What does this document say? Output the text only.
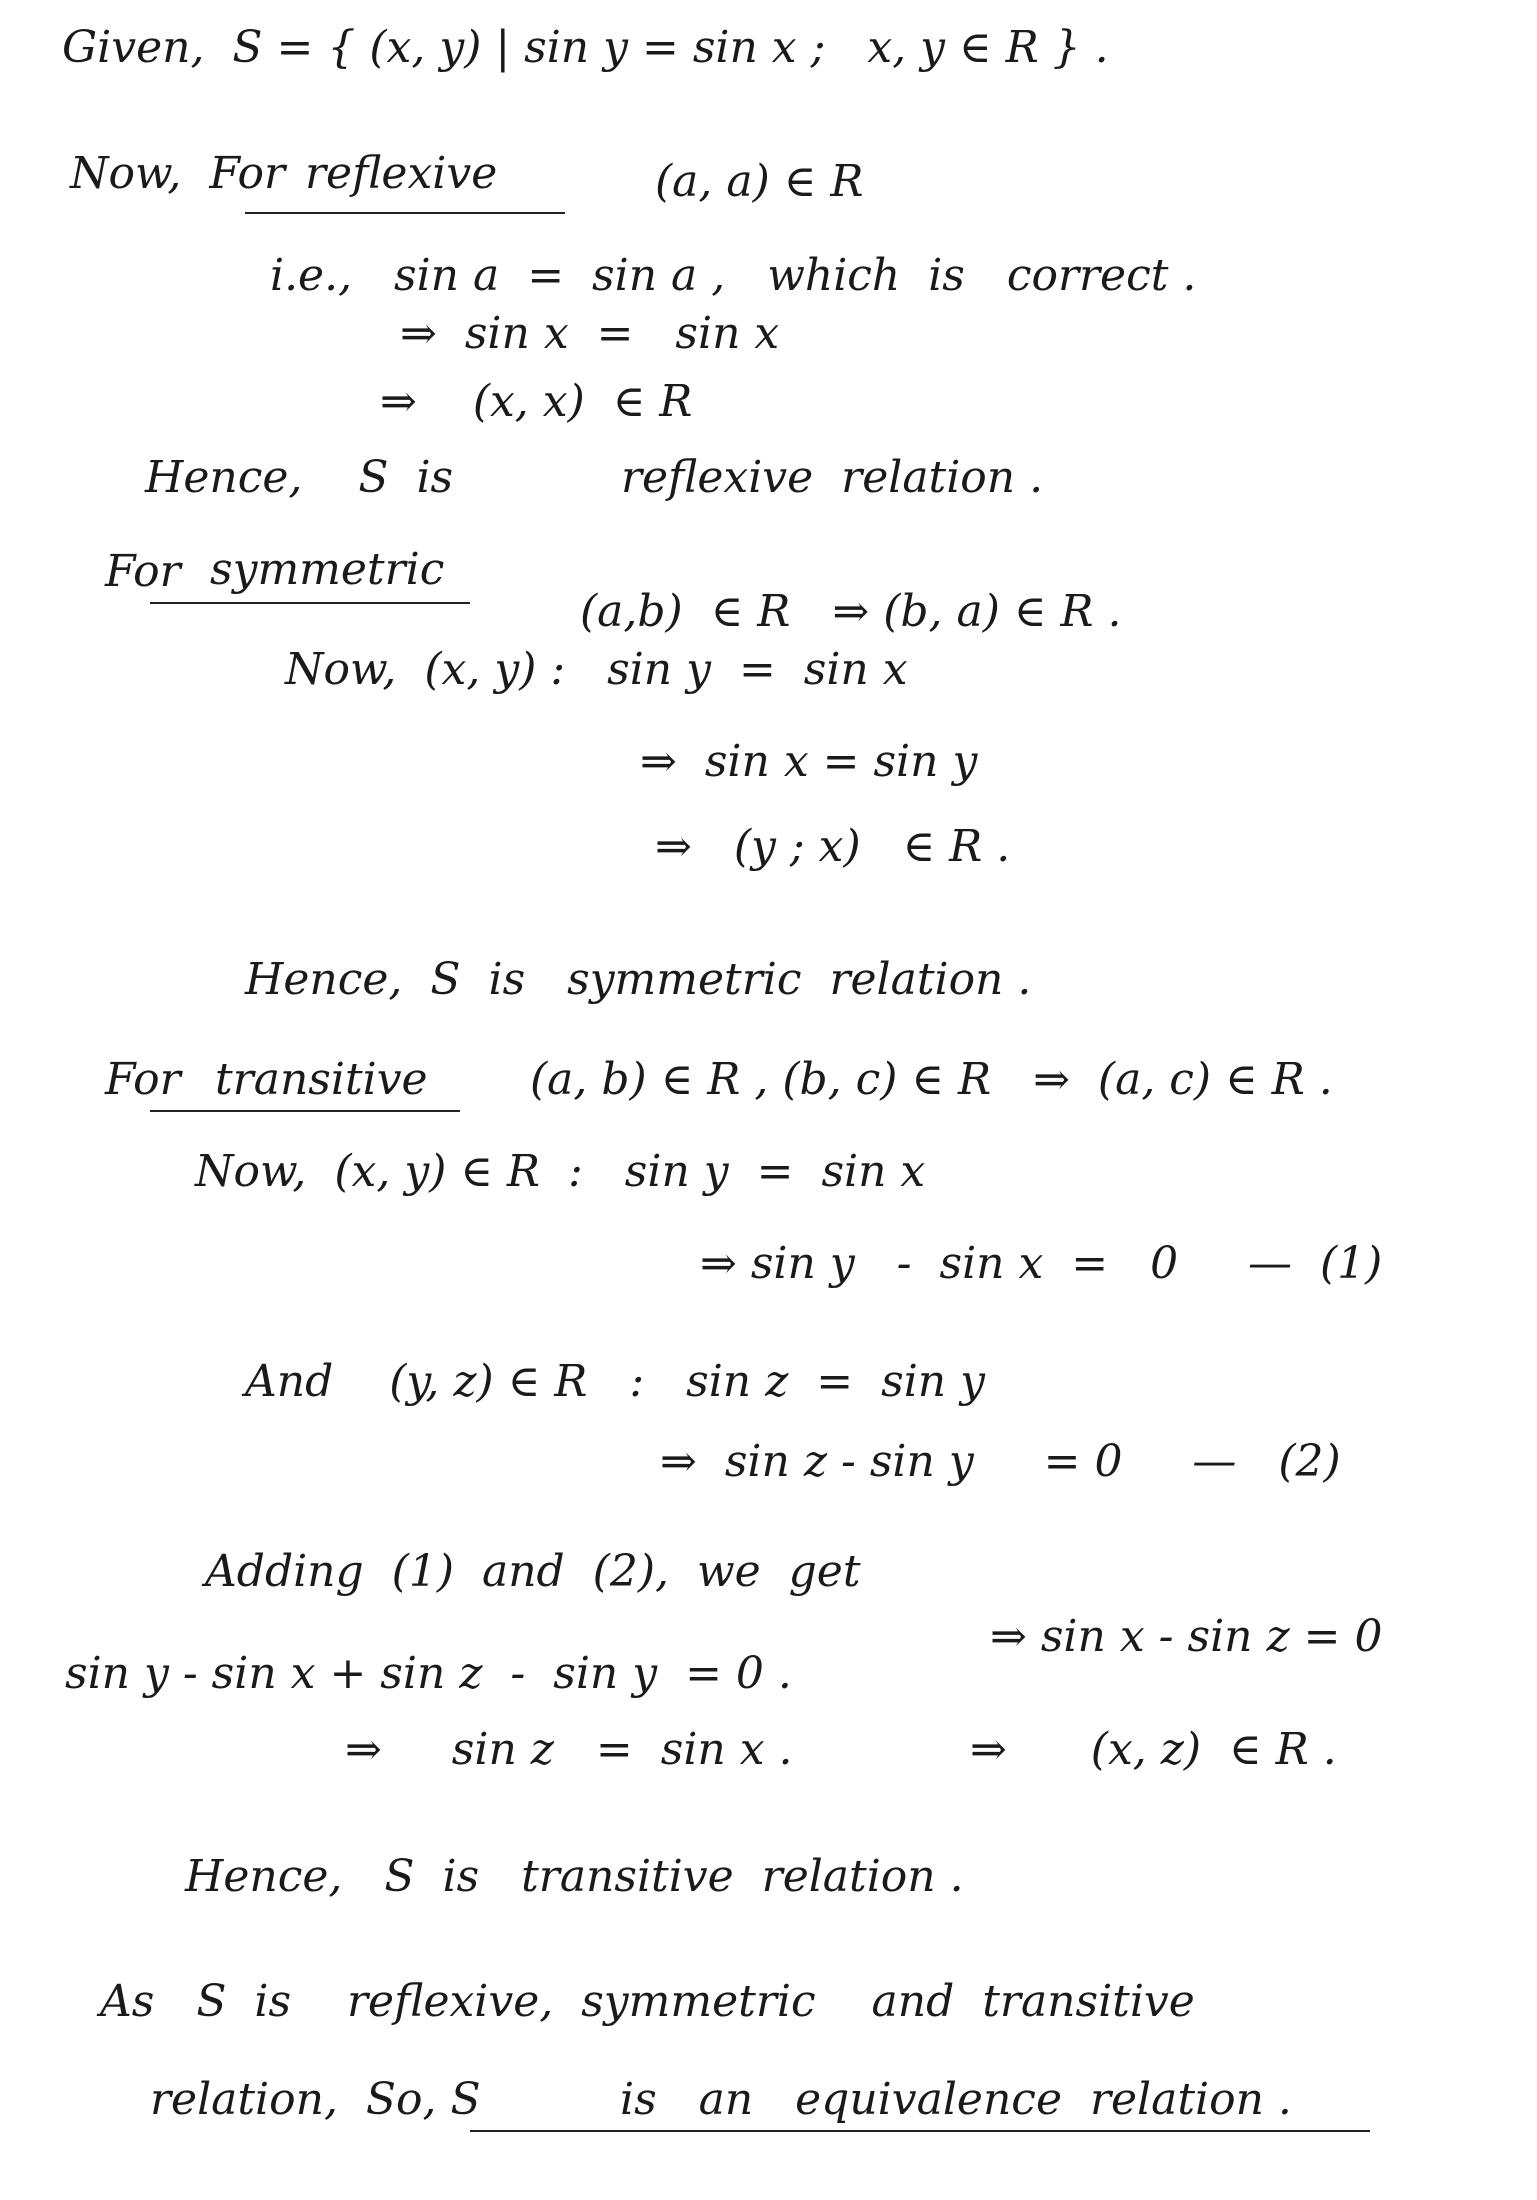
Given,  S = { (x, y) | sin y = sin x ;   x, y ∈ R } .
Now,  For reflexive	(a, a) ∈ R
i.e.,   sin a  =  sin a ,   which  is   correct .
⇒  sin x  =   sin x
⇒    (x, x)  ∈ R
Hence,    S  is            reflexive  relation .
For symmetric
(a,b)  ∈ R   ⇒ (b, a) ∈ R .
Now,  (x, y) :   sin y  =  sin x
⇒  sin x = sin y
⇒   (y ; x)   ∈ R .
Hence,  S  is   symmetric  relation .
For transitive (a, b) ∈ R , (b, c) ∈ R   ⇒  (a, c) ∈ R .
Now,  (x, y) ∈ R  :   sin y  =  sin x
⇒ sin y   -  sin x  =   0     —  (1)
And    (y, z) ∈ R   :   sin z  =  sin y
⇒  sin z - sin y     = 0     —   (2)
Adding  (1)  and  (2),  we  get
sin y - sin x + sin z  -  sin y  = 0 .
⇒ sin x - sin z = 0
⇒     sin z   =  sin x .	⇒      (x, z)  ∈ R .
Hence,   S  is   transitive  relation .
As   S  is    reflexive,  symmetric    and  transitive
relation,  So, S	is   an   equivalence  relation .
